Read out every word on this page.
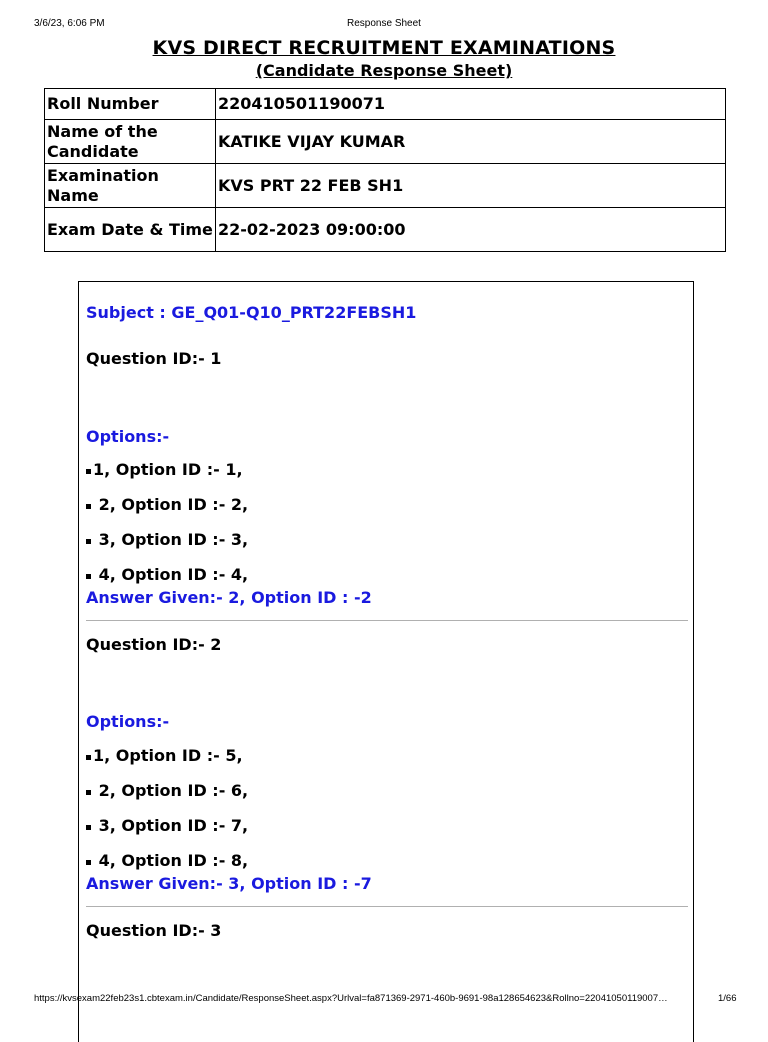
3/6/23, 6:06 PM	Response Sheet
KVS DIRECT RECRUITMENT EXAMINATIONS
(Candidate Response Sheet)
Roll Number	220410501190071
Name of the Candidate	KATIKE VIJAY KUMAR
Examination Name	KVS PRT 22 FEB SH1
Exam Date & Time	22-02-2023 09:00:00
Subject : GE_Q01-Q10_PRT22FEBSH1
Question ID:- 1
Options:-
1, Option ID :- 1,
2, Option ID :- 2,
3, Option ID :- 3,
4, Option ID :- 4,
Answer Given:- 2, Option ID : -2
Question ID:- 2
Options:-
1, Option ID :- 5,
2, Option ID :- 6,
3, Option ID :- 7,
4, Option ID :- 8,
Answer Given:- 3, Option ID : -7
Question ID:- 3
https://kvsexam22feb23s1.cbtexam.in/Candidate/ResponseSheet.aspx?Urlval=fa871369-2971-460b-9691-98a128654623&Rollno=22041050119007…	1/66
